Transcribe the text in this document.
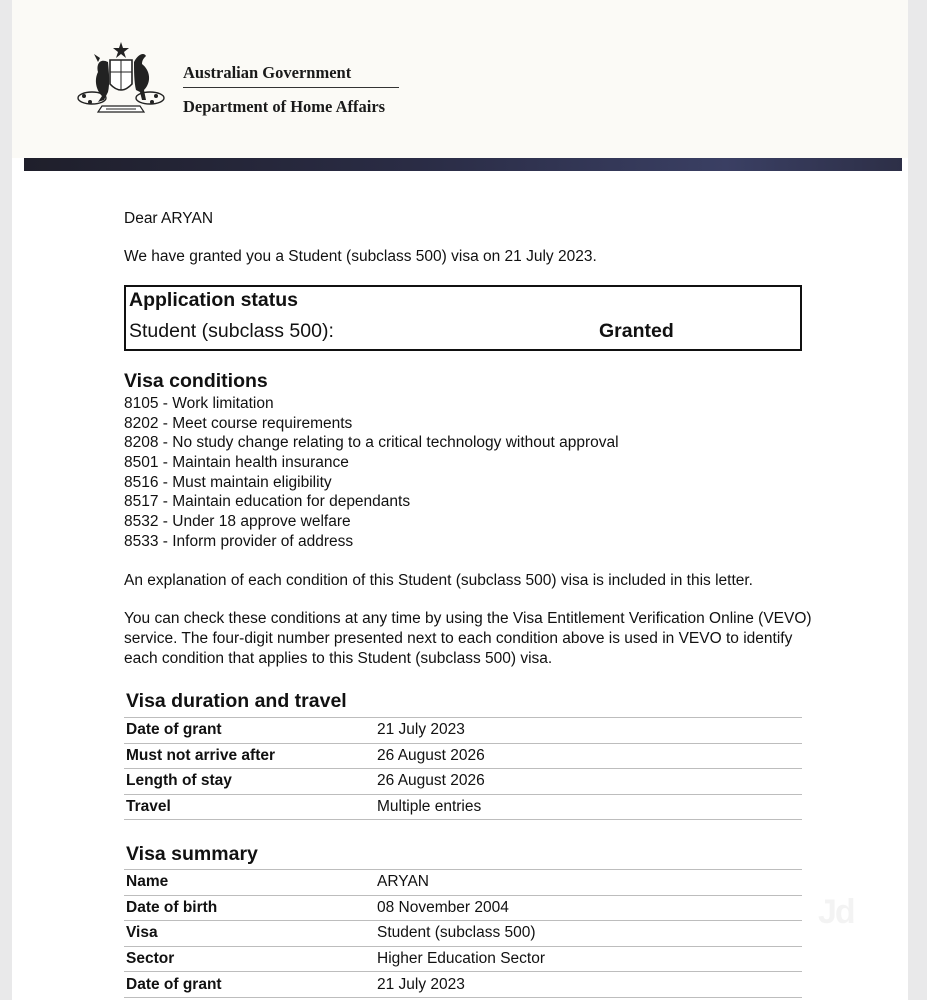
Australian Government
Department of Home Affairs
Dear ARYAN
We have granted you a Student (subclass 500) visa on 21 July 2023.
Application status
Student (subclass 500):	Granted
Visa conditions
8105 - Work limitation
8202 - Meet course requirements
8208 - No study change relating to a critical technology without approval
8501 - Maintain health insurance
8516 - Must maintain eligibility
8517 - Maintain education for dependants
8532 - Under 18 approve welfare
8533 - Inform provider of address
An explanation of each condition of this Student (subclass 500) visa is included in this letter.
You can check these conditions at any time by using the Visa Entitlement Verification Online (VEVO) service. The four-digit number presented next to each condition above is used in VEVO to identify each condition that applies to this Student (subclass 500) visa.
Visa duration and travel
Date of grant	21 July 2023
Must not arrive after	26 August 2026
Length of stay	26 August 2026
Travel	Multiple entries
Visa summary
Name	ARYAN
Date of birth	08 November 2004
Visa	Student (subclass 500)
Sector	Higher Education Sector
Date of grant	21 July 2023
Jd
